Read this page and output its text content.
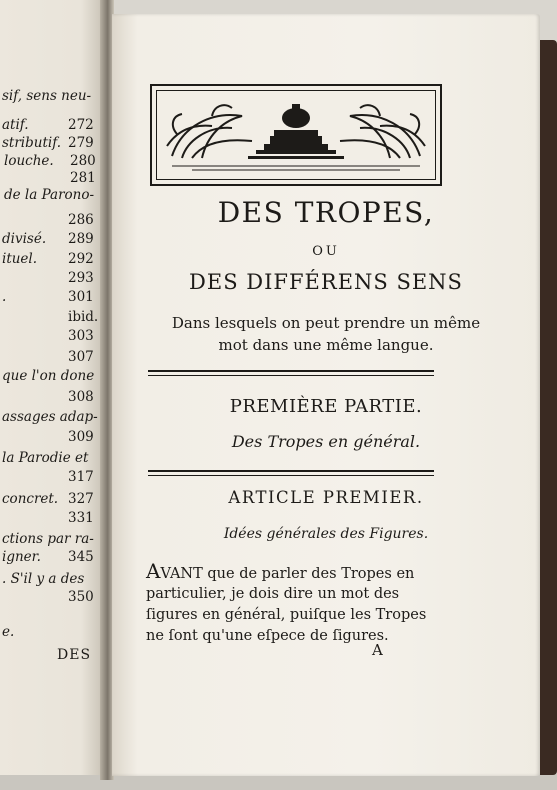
sif, sens neu-
atif.	272
stributif. 279
louche. 280
281
de la Parono-
286
divisé. 289
ituel. 292
293
.	301
ibid.
303
307
que l'on done
308
assages adap-
309
la Parodie et
317
concret. 327
331
ctions par ra-
igner. 345
. S'il y a des
350
e.
DES
DES TROPES,
OU
DES DIFFÉRENS SENS
Dans lesquels on peut prendre un même
mot dans une même langue.
PREMIÈRE PARTIE.
Des Tropes en général.
ARTICLE PREMIER.
Idées générales des Figures.
AVANT que de parler des Tropes en
particulier, je dois dire un mot des
ſigures en général, puiſque les Tropes
ne ſont qu'une eſpece de ſigures.
A
